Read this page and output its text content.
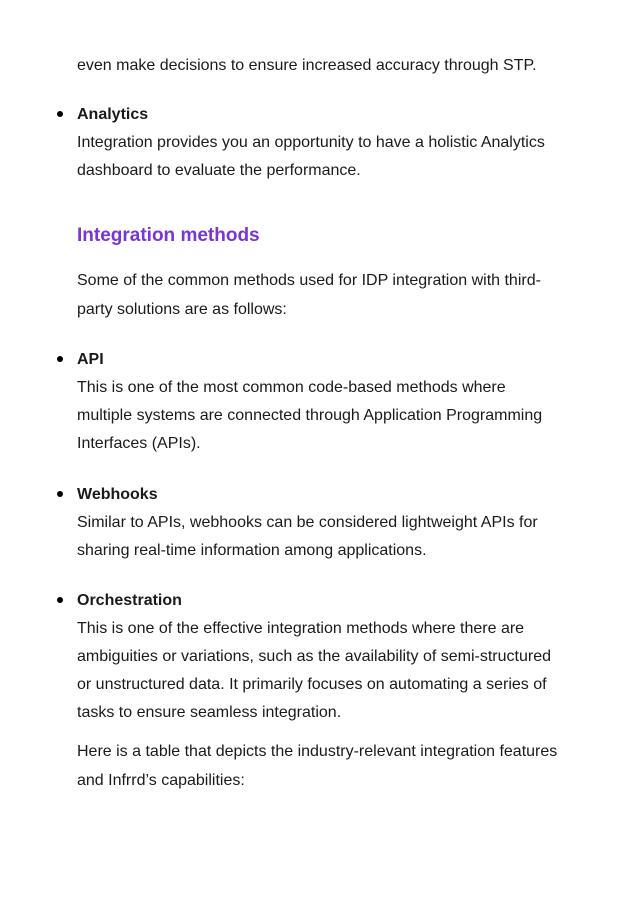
even make decisions to ensure increased accuracy through STP.
Analytics
Integration provides you an opportunity to have a holistic Analytics
dashboard to evaluate the performance.
Integration methods
Some of the common methods used for IDP integration with third-
party solutions are as follows:
API
This is one of the most common code-based methods where
multiple systems are connected through Application Programming
Interfaces (APIs).
Webhooks
Similar to APIs, webhooks can be considered lightweight APIs for
sharing real-time information among applications.
Orchestration
This is one of the effective integration methods where there are
ambiguities or variations, such as the availability of semi-structured
or unstructured data. It primarily focuses on automating a series of
tasks to ensure seamless integration.
Here is a table that depicts the industry-relevant integration features
and Infrrd’s capabilities:
